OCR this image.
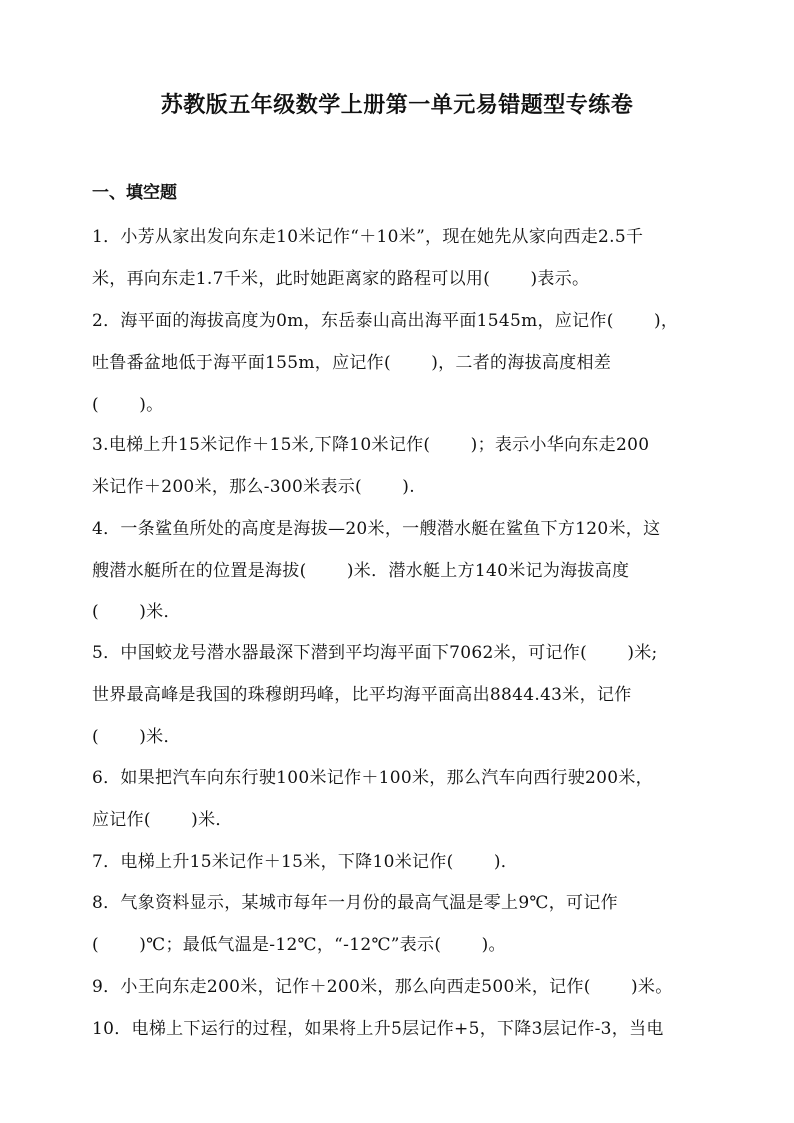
苏教版五年级数学上册第一单元易错题型专练卷
一、填空题
1．小芳从家出发向东走10米记作“＋10米”，现在她先从家向西走2.5千
米，再向东走1.7千米，此时她距离家的路程可以用(　　 )表示。
2．海平面的海拔高度为0m，东岳泰山高出海平面1545m，应记作(　　 )，
吐鲁番盆地低于海平面155m，应记作(　　 )，二者的海拔高度相差
(　　 )。
3.电梯上升15米记作＋15米,下降10米记作(　　 )；表示小华向东走200
米记作＋200米，那么-300米表示(　　 ).
4．一条鲨鱼所处的高度是海拔—20米，一艘潜水艇在鲨鱼下方120米，这
艘潜水艇所在的位置是海拔(　　 )米．潜水艇上方140米记为海拔高度
(　　 )米．
5．中国蛟龙号潜水器最深下潜到平均海平面下7062米，可记作(　　 )米;
世界最高峰是我国的珠穆朗玛峰，比平均海平面高出8844.43米，记作
(　　 )米．
6．如果把汽车向东行驶100米记作＋100米，那么汽车向西行驶200米，
应记作(　　 )米．
7．电梯上升15米记作＋15米，下降10米记作(　　 )．
8．气象资料显示，某城市每年一月份的最高气温是零上9℃，可记作
(　　 )℃；最低气温是-12℃，“-12℃”表示(　　 )。
9．小王向东走200米，记作＋200米，那么向西走500米，记作(　　 )米。
10．电梯上下运行的过程，如果将上升5层记作+5，下降3层记作-3，当电
